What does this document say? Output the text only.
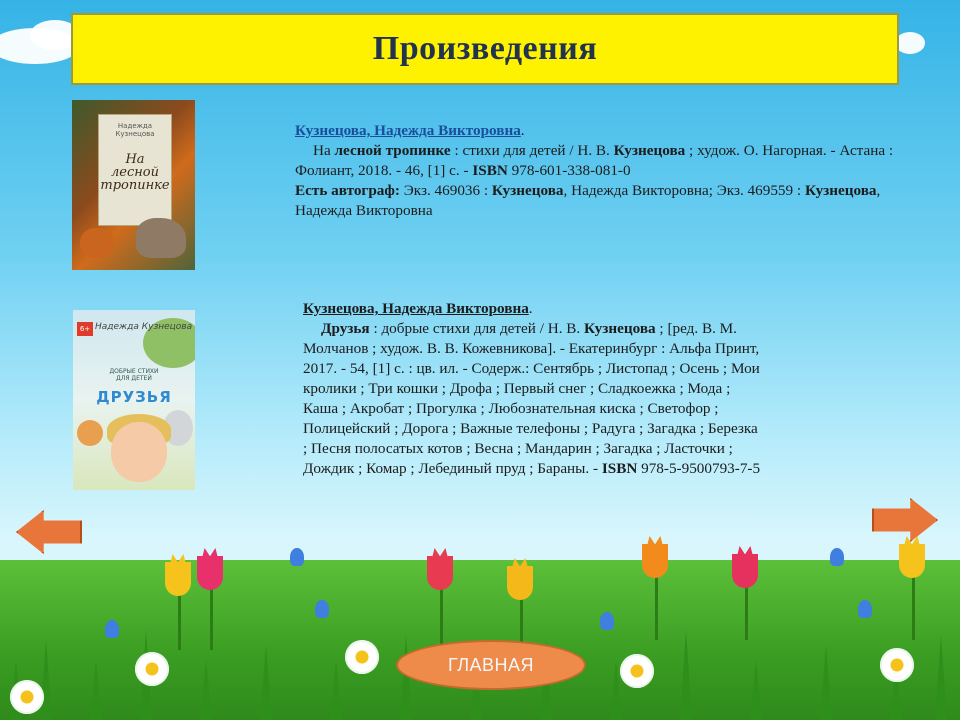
Произведения
Надежда
Кузнецова
На
лесной
тропинке
Кузнецова, Надежда Викторовна.
На лесной тропинке : стихи для детей / Н. В. Кузнецова ; худож. О. Нагорная. - Астана : Фолиант, 2018. - 46, [1] с. - ISBN 978-601-338-081-0
Есть автограф: Экз. 469036 : Кузнецова, Надежда Викторовна; Экз. 469559 : Кузнецова, Надежда Викторовна
6+ Надежда Кузнецова
ДОБРЫЕ СТИХИ
ДЛЯ ДЕТЕЙ
ДРУЗЬЯ
Кузнецова, Надежда Викторовна.
Друзья : добрые стихи для детей / Н. В. Кузнецова ; [ред. В. М. Молчанов ; худож. В. В. Кожевникова]. - Екатеринбург : Альфа Принт, 2017. - 54, [1] с. : цв. ил. - Содерж.: Сентябрь ; Листопад ; Осень ; Мои кролики ; Три кошки ; Дрофа ; Первый снег ; Сладкоежка ; Мода ; Каша ; Акробат ; Прогулка ; Любознательная киска ; Светофор ; Полицейский ; Дорога ; Важные телефоны ; Радуга ; Загадка ; Березка ; Песня полосатых котов ; Весна ; Мандарин ; Загадка ; Ласточки ; Дождик ; Комар ; Лебединый пруд ; Бараны. - ISBN 978-5-9500793-7-5
ГЛАВНАЯ
